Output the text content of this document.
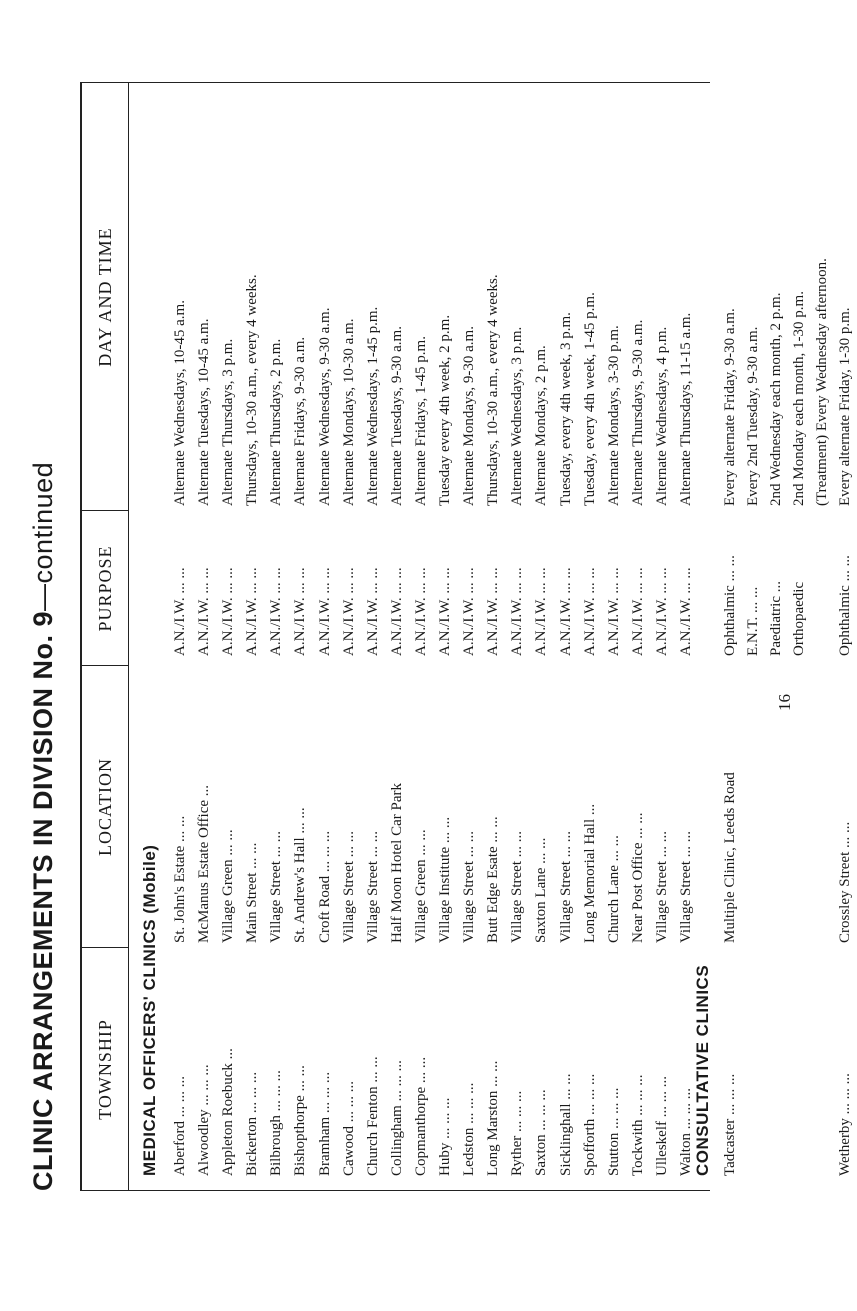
CLINIC ARRANGEMENTS IN DIVISION No. 9—continued
TOWNSHIP
LOCATION
PURPOSE
DAY AND TIME
MEDICAL OFFICERS' CLINICS (Mobile) Aberford ... ... ...
St. John's Estate ... ...
A.N./I.W. ... ...
Alternate Wednesdays, 10-45 a.m.
Alwoodley ... ... ...
McManus Estate Office ...
A.N./I.W. ... ...
Alternate Tuesdays, 10-45 a.m.
Appleton Roebuck ...
Village Green ... ...
A.N./I.W. ... ...
Alternate Thursdays, 3 p.m.
Bickerton ... ... ...
Main Street ... ...
A.N./I.W. ... ...
Thursdays, 10-30 a.m., every 4 weeks.
Bilbrough ... ... ...
Village Street ... ...
A.N./I.W. ... ...
Alternate Thursdays, 2 p.m.
Bishopthorpe ... ...
St. Andrew's Hall ... ...
A.N./I.W. ... ...
Alternate Fridays, 9-30 a.m.
Bramham ... ... ...
Croft Road ... ... ...
A.N./I.W. ... ...
Alternate Wednesdays, 9-30 a.m.
Cawood ... ... ...
Village Street ... ...
A.N./I.W. ... ...
Alternate Mondays, 10-30 a.m.
Church Fenton ... ...
Village Street ... ...
A.N./I.W. ... ...
Alternate Wednesdays, 1-45 p.m.
Collingham ... ... ...
Half Moon Hotel Car Park
A.N./I.W. ... ...
Alternate Tuesdays, 9-30 a.m.
Copmanthorpe ... ...
Village Green ... ...
A.N./I.W. ... ...
Alternate Fridays, 1-45 p.m.
Huby ... ... ...
Village Institute ... ...
A.N./I.W. ... ...
Tuesday every 4th week, 2 p.m.
Ledston ... ... ...
Village Street ... ...
A.N./I.W. ... ...
Alternate Mondays, 9-30 a.m.
Long Marston ... ...
Butt Edge Esate ... ...
A.N./I.W. ... ...
Thursdays, 10-30 a.m., every 4 weeks.
Ryther ... ... ...
Village Street ... ...
A.N./I.W. ... ...
Alternate Wednesdays, 3 p.m.
Saxton ... ... ...
Saxton Lane ... ...
A.N./I.W. ... ...
Alternate Mondays, 2 p.m.
Sicklinghall ... ...
Village Street ... ...
A.N./I.W. ... ...
Tuesday, every 4th week, 3 p.m.
Spofforth ... ... ...
Long Memorial Hall ...
A.N./I.W. ... ...
Tuesday, every 4th week, 1-45 p.m.
Stutton ... ... ...
Church Lane ... ...
A.N./I.W. ... ...
Alternate Mondays, 3-30 p.m.
Tockwith ... ... ...
Near Post Office ... ...
A.N./I.W. ... ...
Alternate Thursdays, 9-30 a.m.
Ulleskelf ... ... ...
Village Street ... ...
A.N./I.W. ... ...
Alternate Wednesdays, 4 p.m.
Walton ... ... ...
Village Street ... ...
A.N./I.W. ... ...
Alternate Thursdays, 11-15 a.m.
CONSULTATIVE CLINICS Tadcaster ... ... ...
Multiple Clinic, Leeds Road
Ophthalmic ... ...
Every alternate Friday, 9-30 a.m.
E.N.T. ... ...
Every 2nd Tuesday, 9-30 a.m.
Paediatric ...
2nd Wednesday each month, 2 p.m.
Orthopaedic
2nd Monday each month, 1-30 p.m. (Treatment) Every Wednesday afternoon.
Wetherby ... ... ...
Crossley Street ... ...
Ophthalmic ... ...
Every alternate Friday, 1-30 p.m.
16
